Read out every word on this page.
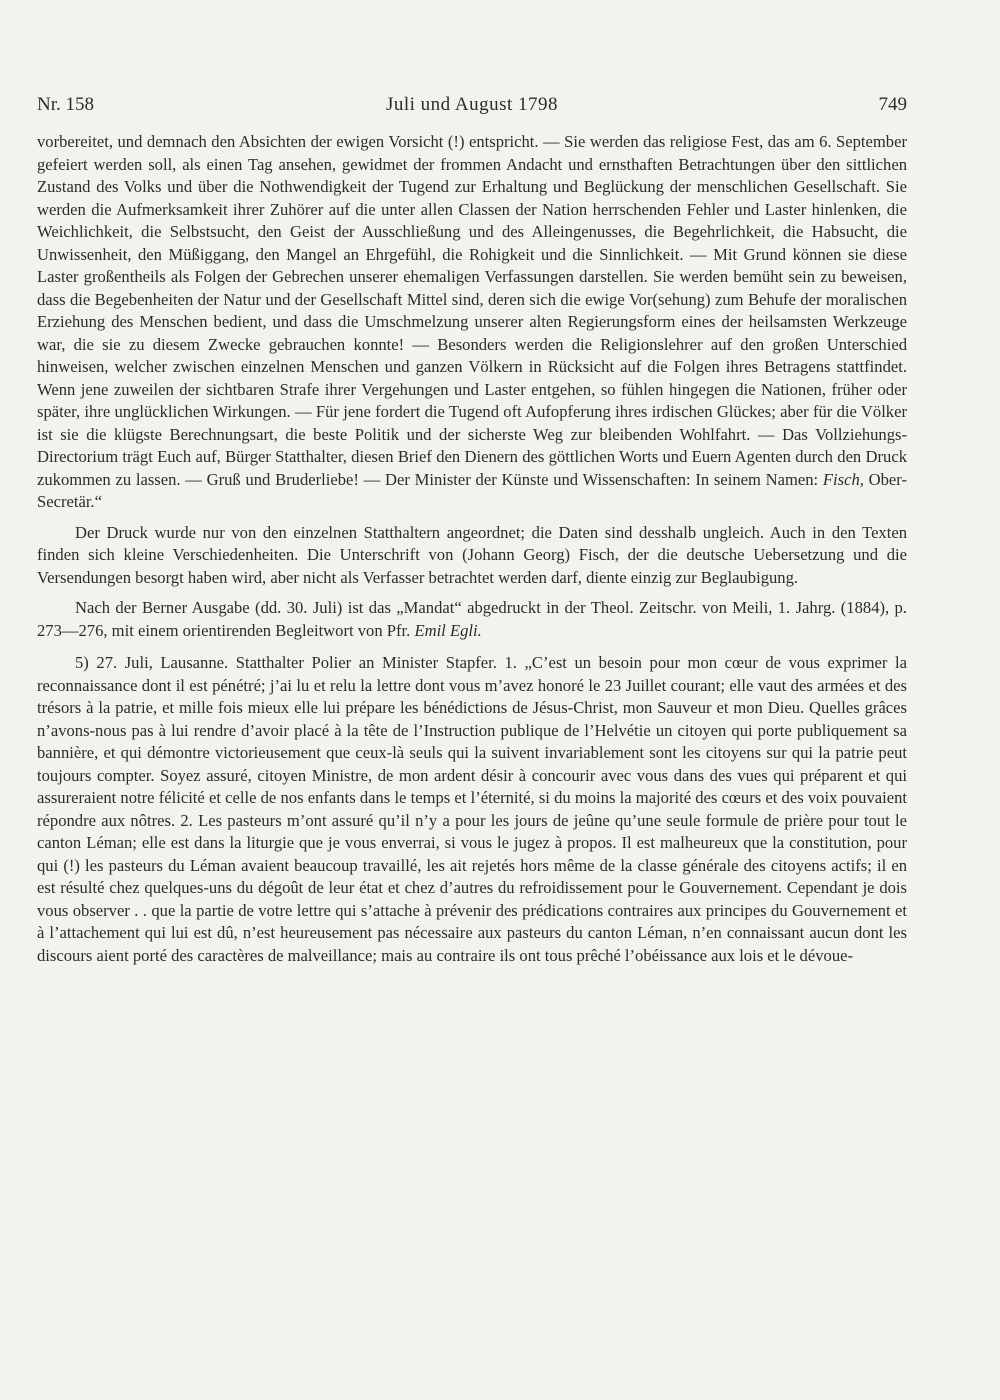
Nr. 158	Juli und August 1798	749

vorbereitet, und demnach den Absichten der ewigen Vorsicht (!) entspricht. — Sie werden das religiose Fest, das am 6. September gefeiert werden soll, als einen Tag ansehen, gewidmet der frommen Andacht und ernsthaften Betrachtungen über den sittlichen Zustand des Volks und über die Nothwendigkeit der Tugend zur Erhaltung und Beglückung der menschlichen Gesellschaft. Sie werden die Aufmerksamkeit ihrer Zuhörer auf die unter allen Classen der Nation herrschenden Fehler und Laster hinlenken, die Weichlichkeit, die Selbstsucht, den Geist der Ausschließung und des Alleingenusses, die Begehrlichkeit, die Habsucht, die Unwissenheit, den Müßiggang, den Mangel an Ehrgefühl, die Rohigkeit und die Sinnlichkeit. — Mit Grund können sie diese Laster großentheils als Folgen der Gebrechen unserer ehemaligen Verfassungen darstellen. Sie werden bemüht sein zu beweisen, dass die Begebenheiten der Natur und der Gesellschaft Mittel sind, deren sich die ewige Vor(sehung) zum Behufe der moralischen Erziehung des Menschen bedient, und dass die Umschmelzung unserer alten Regierungsform eines der heilsamsten Werkzeuge war, die sie zu diesem Zwecke gebrauchen konnte! — Besonders werden die Religionslehrer auf den großen Unterschied hinweisen, welcher zwischen einzelnen Menschen und ganzen Völkern in Rücksicht auf die Folgen ihres Betragens stattfindet. Wenn jene zuweilen der sichtbaren Strafe ihrer Vergehungen und Laster entgehen, so fühlen hingegen die Nationen, früher oder später, ihre unglücklichen Wirkungen. — Für jene fordert die Tugend oft Aufopferung ihres irdischen Glückes; aber für die Völker ist sie die klügste Berechnungsart, die beste Politik und der sicherste Weg zur bleibenden Wohlfahrt. — Das Vollziehungs-Directorium trägt Euch auf, Bürger Statthalter, diesen Brief den Dienern des göttlichen Worts und Euern Agenten durch den Druck zukommen zu lassen. — Gruß und Bruderliebe! — Der Minister der Künste und Wissenschaften: In seinem Namen: Fisch, Ober-Secretär.“

Der Druck wurde nur von den einzelnen Statthaltern angeordnet; die Daten sind desshalb ungleich. Auch in den Texten finden sich kleine Verschiedenheiten. Die Unterschrift von (Johann Georg) Fisch, der die deutsche Uebersetzung und die Versendungen besorgt haben wird, aber nicht als Verfasser betrachtet werden darf, diente einzig zur Beglaubigung.

Nach der Berner Ausgabe (dd. 30. Juli) ist das „Mandat“ abgedruckt in der Theol. Zeitschr. von Meili, 1. Jahrg. (1884), p. 273—276, mit einem orientirenden Begleitwort von Pfr. Emil Egli.

5) 27. Juli, Lausanne. Statthalter Polier an Minister Stapfer. 1. „C’est un besoin pour mon cœur de vous exprimer la reconnaissance dont il est pénétré; j’ai lu et relu la lettre dont vous m’avez honoré le 23 Juillet courant; elle vaut des armées et des trésors à la patrie, et mille fois mieux elle lui prépare les bénédictions de Jésus-Christ, mon Sauveur et mon Dieu. Quelles grâces n’avons-nous pas à lui rendre d’avoir placé à la tête de l’Instruction publique de l’Helvétie un citoyen qui porte publiquement sa bannière, et qui démontre victorieusement que ceux-là seuls qui la suivent invariablement sont les citoyens sur qui la patrie peut toujours compter. Soyez assuré, citoyen Ministre, de mon ardent désir à concourir avec vous dans des vues qui préparent et qui assureraient notre félicité et celle de nos enfants dans le temps et l’éternité, si du moins la majorité des cœurs et des voix pouvaient répondre aux nôtres. 2. Les pasteurs m’ont assuré qu’il n’y a pour les jours de jeûne qu’une seule formule de prière pour tout le canton Léman; elle est dans la liturgie que je vous enverrai, si vous le jugez à propos. Il est malheureux que la constitution, pour qui (!) les pasteurs du Léman avaient beaucoup travaillé, les ait rejetés hors même de la classe générale des citoyens actifs; il en est résulté chez quelques-uns du dégoût de leur état et chez d’autres du refroidissement pour le Gouvernement. Cependant je dois vous observer . . que la partie de votre lettre qui s’attache à prévenir des prédications contraires aux principes du Gouvernement et à l’attachement qui lui est dû, n’est heureusement pas nécessaire aux pasteurs du canton Léman, n’en connaissant aucun dont les discours aient porté des caractères de malveillance; mais au contraire ils ont tous prêché l’obéissance aux lois et le dévoue-
